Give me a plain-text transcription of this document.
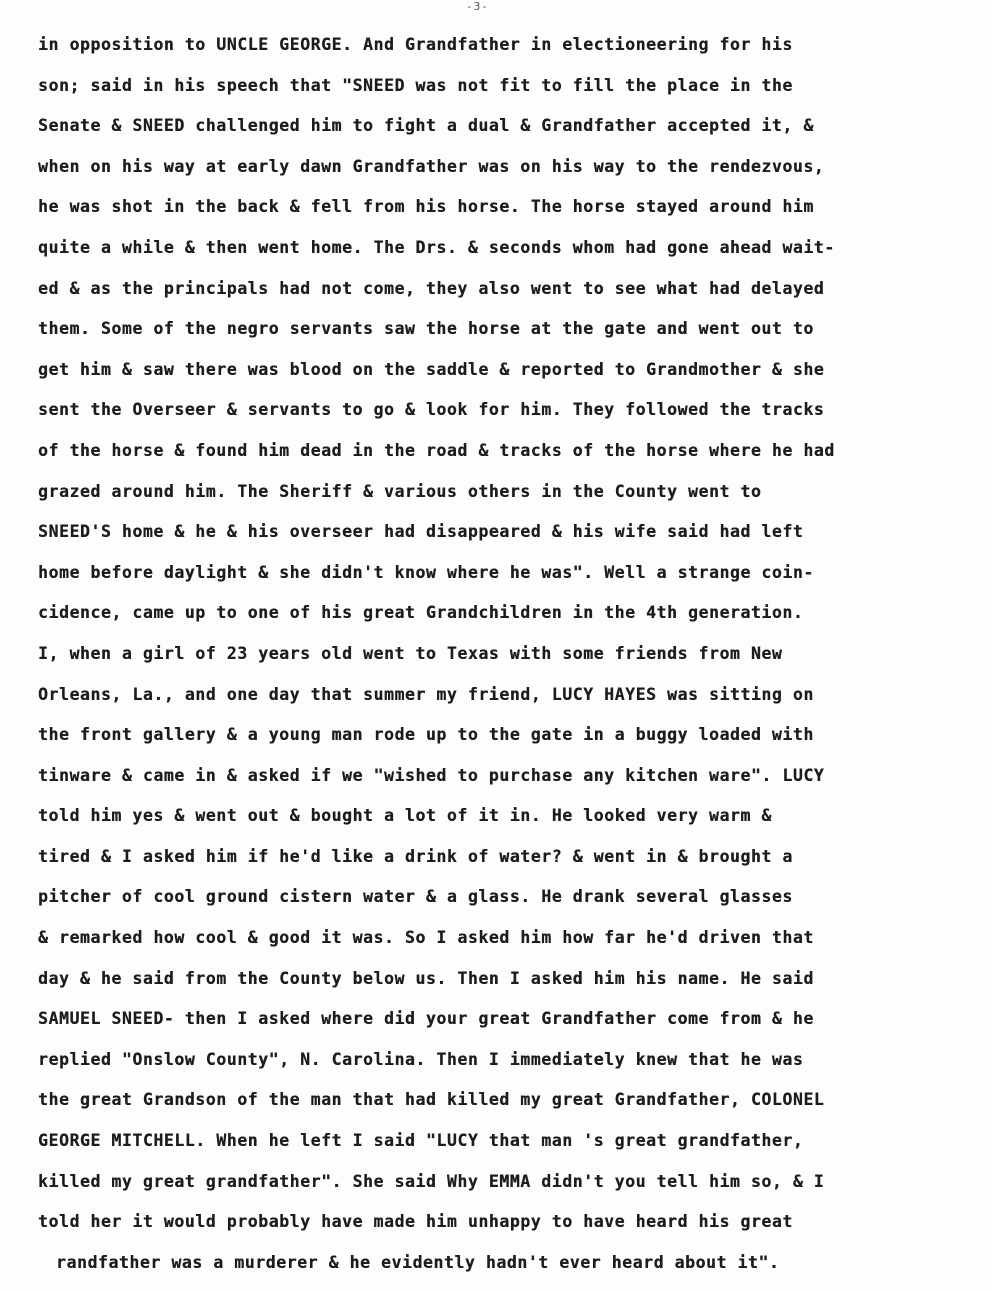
-3-
in opposition to UNCLE GEORGE. And Grandfather in electioneering for his
son; said in his speech that "SNEED was not fit to fill the place in the
Senate & SNEED challenged him to fight a dual & Grandfather accepted it, &
when on his way at early dawn Grandfather was on his way to the rendezvous,
he was shot in the back & fell from his horse. The horse stayed around him
quite a while & then went home. The Drs. & seconds whom had gone ahead wait-
ed & as the principals had not come, they also went to see what had delayed
them. Some of the negro servants saw the horse at the gate and went out to
get him & saw there was blood on the saddle & reported to Grandmother & she
sent the Overseer & servants to go & look for him. They followed the tracks
of the horse & found him dead in the road & tracks of the horse where he had
grazed around him. The Sheriff & various others in the County went to
SNEED'S home & he & his overseer had disappeared & his wife said had left
home before daylight & she didn't know where he was". Well a strange coin-
cidence, came up to one of his great Grandchildren in the 4th generation.
I, when a girl of 23 years old went to Texas with some friends from New
Orleans, La., and one day that summer my friend, LUCY HAYES was sitting on
the front gallery & a young man rode up to the gate in a buggy loaded with
tinware & came in & asked if we "wished to purchase any kitchen ware". LUCY
told him yes & went out & bought a lot of it in. He looked very warm &
tired & I asked him if he'd like a drink of water? & went in & brought a
pitcher of cool ground cistern water & a glass. He drank several glasses
& remarked how cool & good it was. So I asked him how far he'd driven that
day & he said from the County below us. Then I asked him his name. He said
SAMUEL SNEED- then I asked where did your great Grandfather come from & he
replied "Onslow County", N. Carolina. Then I immediately knew that he was
the great Grandson of the man that had killed my great Grandfather, COLONEL
GEORGE MITCHELL. When he left I said "LUCY that man 's great grandfather,
killed my great grandfather". She said Why EMMA didn't you tell him so, & I
told her it would probably have made him unhappy to have heard his great
randfather was a murderer & he evidently hadn't ever heard about it".
